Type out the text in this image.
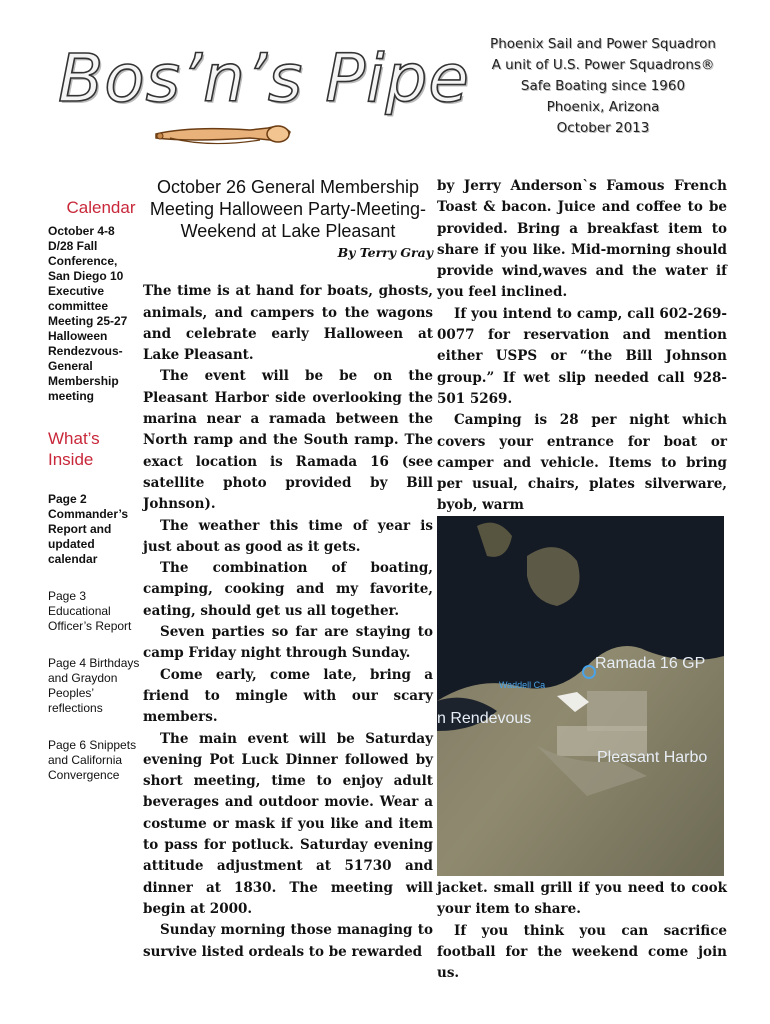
Bos’n’s Pipe	Phoenix Sail and Power Squadron
A unit of U.S. Power Squadrons®
Safe Boating since 1960
Phoenix, Arizona
October 2013
Calendar
October 4-8 D/28 Fall Conference, San Diego 10 Executive committee Meeting 25-27 Halloween Rendezvous-General Membership meeting
What’s Inside
Page 2 Commander’s Report and updated calendar
Page 3 Educational Officer’s Report
Page 4 Birthdays and Graydon Peoples’ reflections
Page 6 Snippets and California Convergence
October 26 General Membership Meeting Halloween Party-Meeting-Weekend at Lake Pleasant
By Terry Gray

The time is at hand for boats, ghosts, animals, and campers to the wagons and celebrate early Halloween at Lake Pleasant.

The event will be be on the Pleasant Harbor side overlooking the marina near a ramada between the North ramp and the South ramp. The exact location is Ramada 16 (see satellite photo provided by Bill Johnson).

The weather this time of year is just about as good as it gets.

The combination of boating, camping, cooking and my favorite, eating, should get us all together.

Seven parties so far are staying to camp Friday night through Sunday.

Come early, come late, bring a friend to mingle with our scary members.

The main event will be Saturday evening Pot Luck Dinner followed by short meeting, time to enjoy adult beverages and outdoor movie. Wear a costume or mask if you like and item to pass for potluck. Saturday evening attitude adjustment at 51730 and dinner at 1830. The meeting will begin at 2000.

Sunday morning those managing to survive listed ordeals to be rewarded

by Jerry Anderson`s Famous French Toast & bacon. Juice and coffee to be provided. Bring a breakfast item to share if you like. Mid-morning should provide wind,waves and the water if you feel inclined.

If you intend to camp, call 602-269-0077 for reservation and mention either USPS or “the Bill Johnson group.” If wet slip needed call 928-501 5269.

Camping is 28 per night which covers your entrance for boat or camper and vehicle. Items to bring per usual, chairs, plates silverware, byob, warm

Ramada 16 GP
Waddell Ca
n Rendevous
Pleasant Harbo

jacket. small grill if you need to cook your item to share.

If you think you can sacrifice football for the weekend come join us.
